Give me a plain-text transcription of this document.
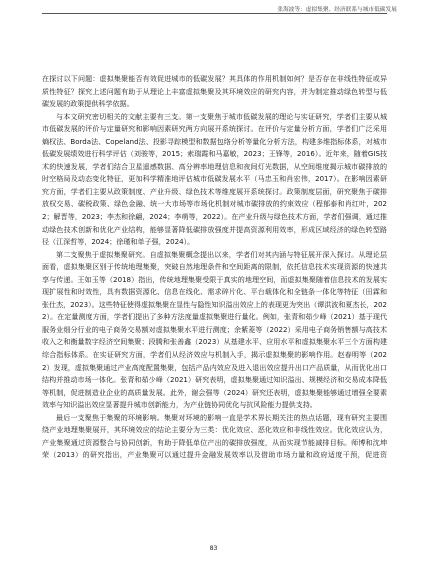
张海波等：虚拟集聚、经济联系与城市低碳发展

在探讨以下问题：虚拟集聚能否有效促进城市的低碳发展？其具体的作用机制如何？是否存在非线性特征或异质性特征？探究上述问题有助于从理论上丰富虚拟集聚及其环境效应的研究内容，并为制定推动绿色转型与低碳发展的政策提供科学依据。

与本文研究密切相关的文献主要有三支。第一支聚焦于城市低碳发展的理论与实证研究，学者们主要从城市低碳发展的评价与定量研究和影响因素研究两方向展开系统探讨。在评价与定量分析方面，学者们广泛采用熵权法、Borda法、Copeland法、投影寻踪模型和数据包络分析等量化分析方法，构建多维指标体系，对城市低碳发展绩效进行科学评估（刘骏等，2015；索瑞霞和马嘉敏，2023；王锋等，2016）。近年来，随着GIS技术的快速发展，学者们结合卫星遥感数据、高分辨率地理信息和夜间灯光数据，从空间维度揭示城市碳排放的时空格局及动态变化特征，更加科学精准地评估城市低碳发展水平（马忠玉和肖宏伟，2017）。在影响因素研究方面，学者们主要从政策制度、产业升级、绿色技术等维度展开系统探讨。政策制度层面，研究聚焦于碳排放权交易、碳税政策、绿色金融、统一大市场等市场化机制对城市碳排放的约束效应（程郁泰和肖红叶，2022；解晋等，2023；李杰和徐翩，2024；李萌等，2022）。在产业升级与绿色技术方面，学者们强调，通过推动绿色技术创新和优化产业结构，能够显著降低碳排放强度并提高资源利用效率，形成区域经济的绿色转型路径（江深哲等，2024；徐瑾和单子强，2024）。

第二支聚焦于虚拟集聚研究。自虚拟集聚概念提出以来，学者们对其内涵与特征展开深入探讨。从理论层面看，虚拟集聚区别于传统地理集聚，突破自然地理条件和空间距离的限制，依托信息技术实现资源的快速共享与传递。王如玉等（2018）指出，传统地理集聚受限于真实的地理空间，而虚拟集聚随着信息技术的发展实现扩展性和时效性，具有数据资源化、信息在线化、需求碎片化、平台载体化和全链条一体化等特征（田霖和张仕杰，2023）。这些特征使得虚拟集聚在显性与隐性知识溢出效应上的表现更为突出（谭洪波和夏杰长，2022）。在定量测度方面，学者们提出了多种方法度量虚拟集聚进行量化。例如，张青和茹少峰（2021）基于现代服务业细分行业的电子商务交易额对虚拟集聚水平进行测度；余紫菱等（2022）采用电子商务销售额与高技术收入之和衡量数字经济空间集聚；段腾和张善鑫（2023）从基建水平、应用水平和虚拟集聚水平三个方面构建综合指标体系。在实证研究方面，学者们从经济效应与机制入手，揭示虚拟集聚的影响作用。赵春明等（2022）发现，虚拟集聚通过产业高度配置集聚，包括产品内效应及进入退出效应提升出口产品质量，从而优化出口结构并推动市场一体化。张青和茹少峰（2021）研究表明，虚拟集聚通过知识溢出、规模经济和交易成本降低等机制，促进制造业企业的高质量发展。此外，谢会强等（2024）研究还表明，虚拟集聚能够通过增强全要素效率与知识溢出效应显著提升城市创新能力，为产业链协同优化与抗风险能力提供支持。

最后一支聚焦于集聚的环境影响。集聚对环境的影响一直是学术界长期关注的热点话题，现有研究主要围绕产业地理集聚展开，其环境效应的结论主要分为三类：优化效应、恶化效应和非线性效应。优化效应认为，产业集聚通过资源整合与协同创新，有助于降低单位产出的碳排放强度，从而实现节能减排目标。师博和沈坤荣（2013）的研究指出，产业集聚可以通过提升金融发展效率以及借助市场力量和政府适度干预，促进资

83
